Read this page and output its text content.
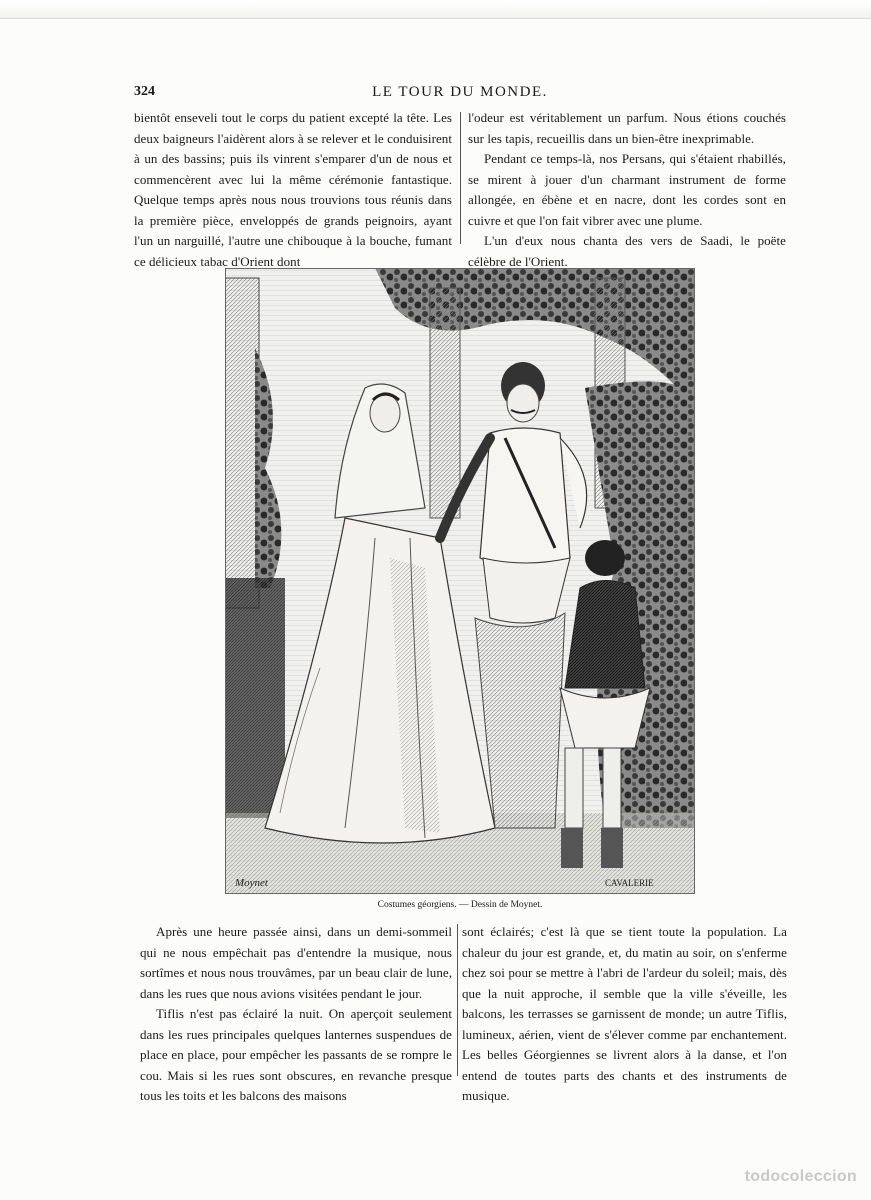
324	LE TOUR DU MONDE.

bientôt enseveli tout le corps du patient excepté la tête. Les deux baigneurs l'aidèrent alors à se relever et le conduisirent à un des bassins; puis ils vinrent s'emparer d'un de nous et commencèrent avec lui la même cérémonie fantastique. Quelque temps après nous nous trouvions tous réunis dans la première pièce, enveloppés de grands peignoirs, ayant l'un un narguillé, l'autre une chibouque à la bouche, fumant ce délicieux tabac d'Orient dont

l'odeur est véritablement un parfum. Nous étions couchés sur les tapis, recueillis dans un bien-être inexprimable.

Pendant ce temps-là, nos Persans, qui s'étaient rhabillés, se mirent à jouer d'un charmant instrument de forme allongée, en ébène et en nacre, dont les cordes sont en cuivre et que l'on fait vibrer avec une plume.

L'un d'eux nous chanta des vers de Saadi, le poëte célèbre de l'Orient.

Moynet	CAVALERIE
Costumes géorgiens. — Dessin de Moynet.

Après une heure passée ainsi, dans un demi-sommeil qui ne nous empêchait pas d'entendre la musique, nous sortîmes et nous nous trouvâmes, par un beau clair de lune, dans les rues que nous avions visitées pendant le jour.

Tiflis n'est pas éclairé la nuit. On aperçoit seulement dans les rues principales quelques lanternes suspendues de place en place, pour empêcher les passants de se rompre le cou. Mais si les rues sont obscures, en revanche presque tous les toits et les balcons des maisons

sont éclairés; c'est là que se tient toute la population. La chaleur du jour est grande, et, du matin au soir, on s'enferme chez soi pour se mettre à l'abri de l'ardeur du soleil; mais, dès que la nuit approche, il semble que la ville s'éveille, les balcons, les terrasses se garnissent de monde; un autre Tiflis, lumineux, aérien, vient de s'élever comme par enchantement. Les belles Géorgiennes se livrent alors à la danse, et l'on entend de toutes parts des chants et des instruments de musique.

todocoleccion
